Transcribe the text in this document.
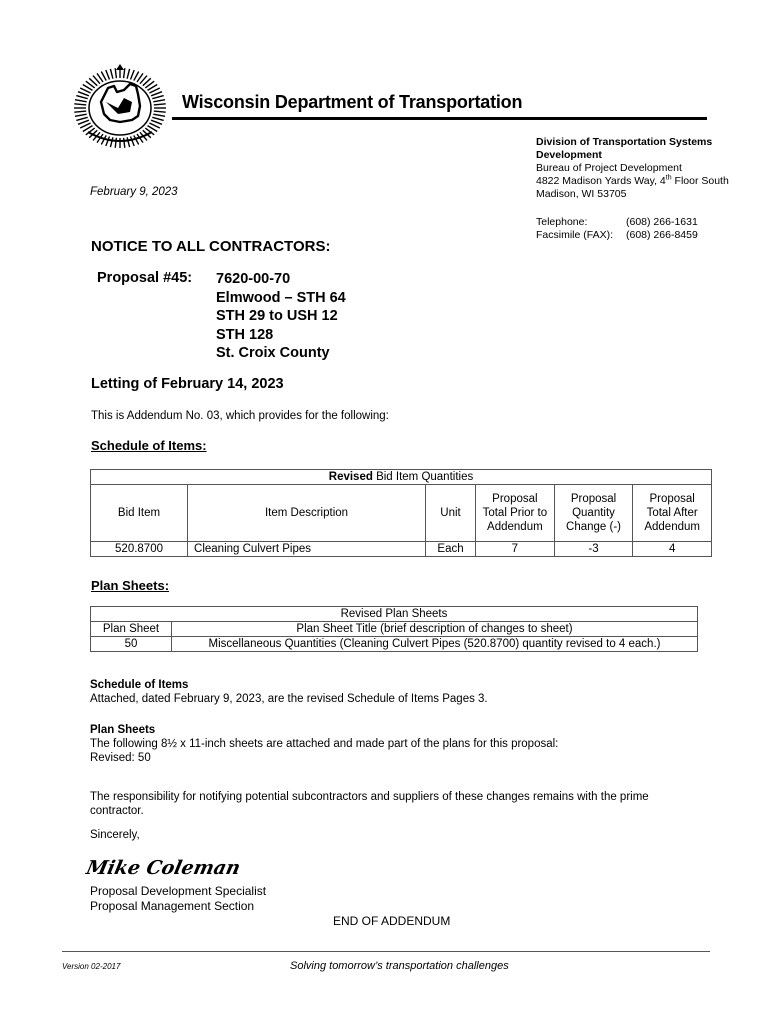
Wisconsin Department of Transportation
Division of Transportation Systems
Development
Bureau of Project Development
4822 Madison Yards Way, 4th Floor South
Madison, WI 53705
Telephone:	(608) 266-1631
Facsimile (FAX): (608) 266-8459
February 9, 2023
NOTICE TO ALL CONTRACTORS:
Proposal #45: 7620-00-70
Elmwood – STH 64
STH 29 to USH 12
STH 128
St. Croix County
Letting of February 14, 2023
This is Addendum No. 03, which provides for the following:
Schedule of Items:
Revised Bid Item Quantities					
Bid Item	Item Description	Unit	Proposal Total Prior to Addendum	Proposal Quantity Change (-)	Proposal Total After Addendum
520.8700	Cleaning Culvert Pipes	Each	7	-3	4
Plan Sheets:
Revised Plan Sheets	
Plan Sheet	Plan Sheet Title (brief description of changes to sheet)
50	Miscellaneous Quantities (Cleaning Culvert Pipes (520.8700) quantity revised to 4 each.)
Schedule of Items
Attached, dated February 9, 2023, are the revised Schedule of Items Pages 3.
Plan Sheets
The following 8½ x 11-inch sheets are attached and made part of the plans for this proposal:
Revised: 50
The responsibility for notifying potential subcontractors and suppliers of these changes remains with the prime contractor.
Sincerely,
Mike Coleman
Proposal Development Specialist
Proposal Management Section
END OF ADDENDUM
Version 02-2017	Solving tomorrow’s transportation challenges
